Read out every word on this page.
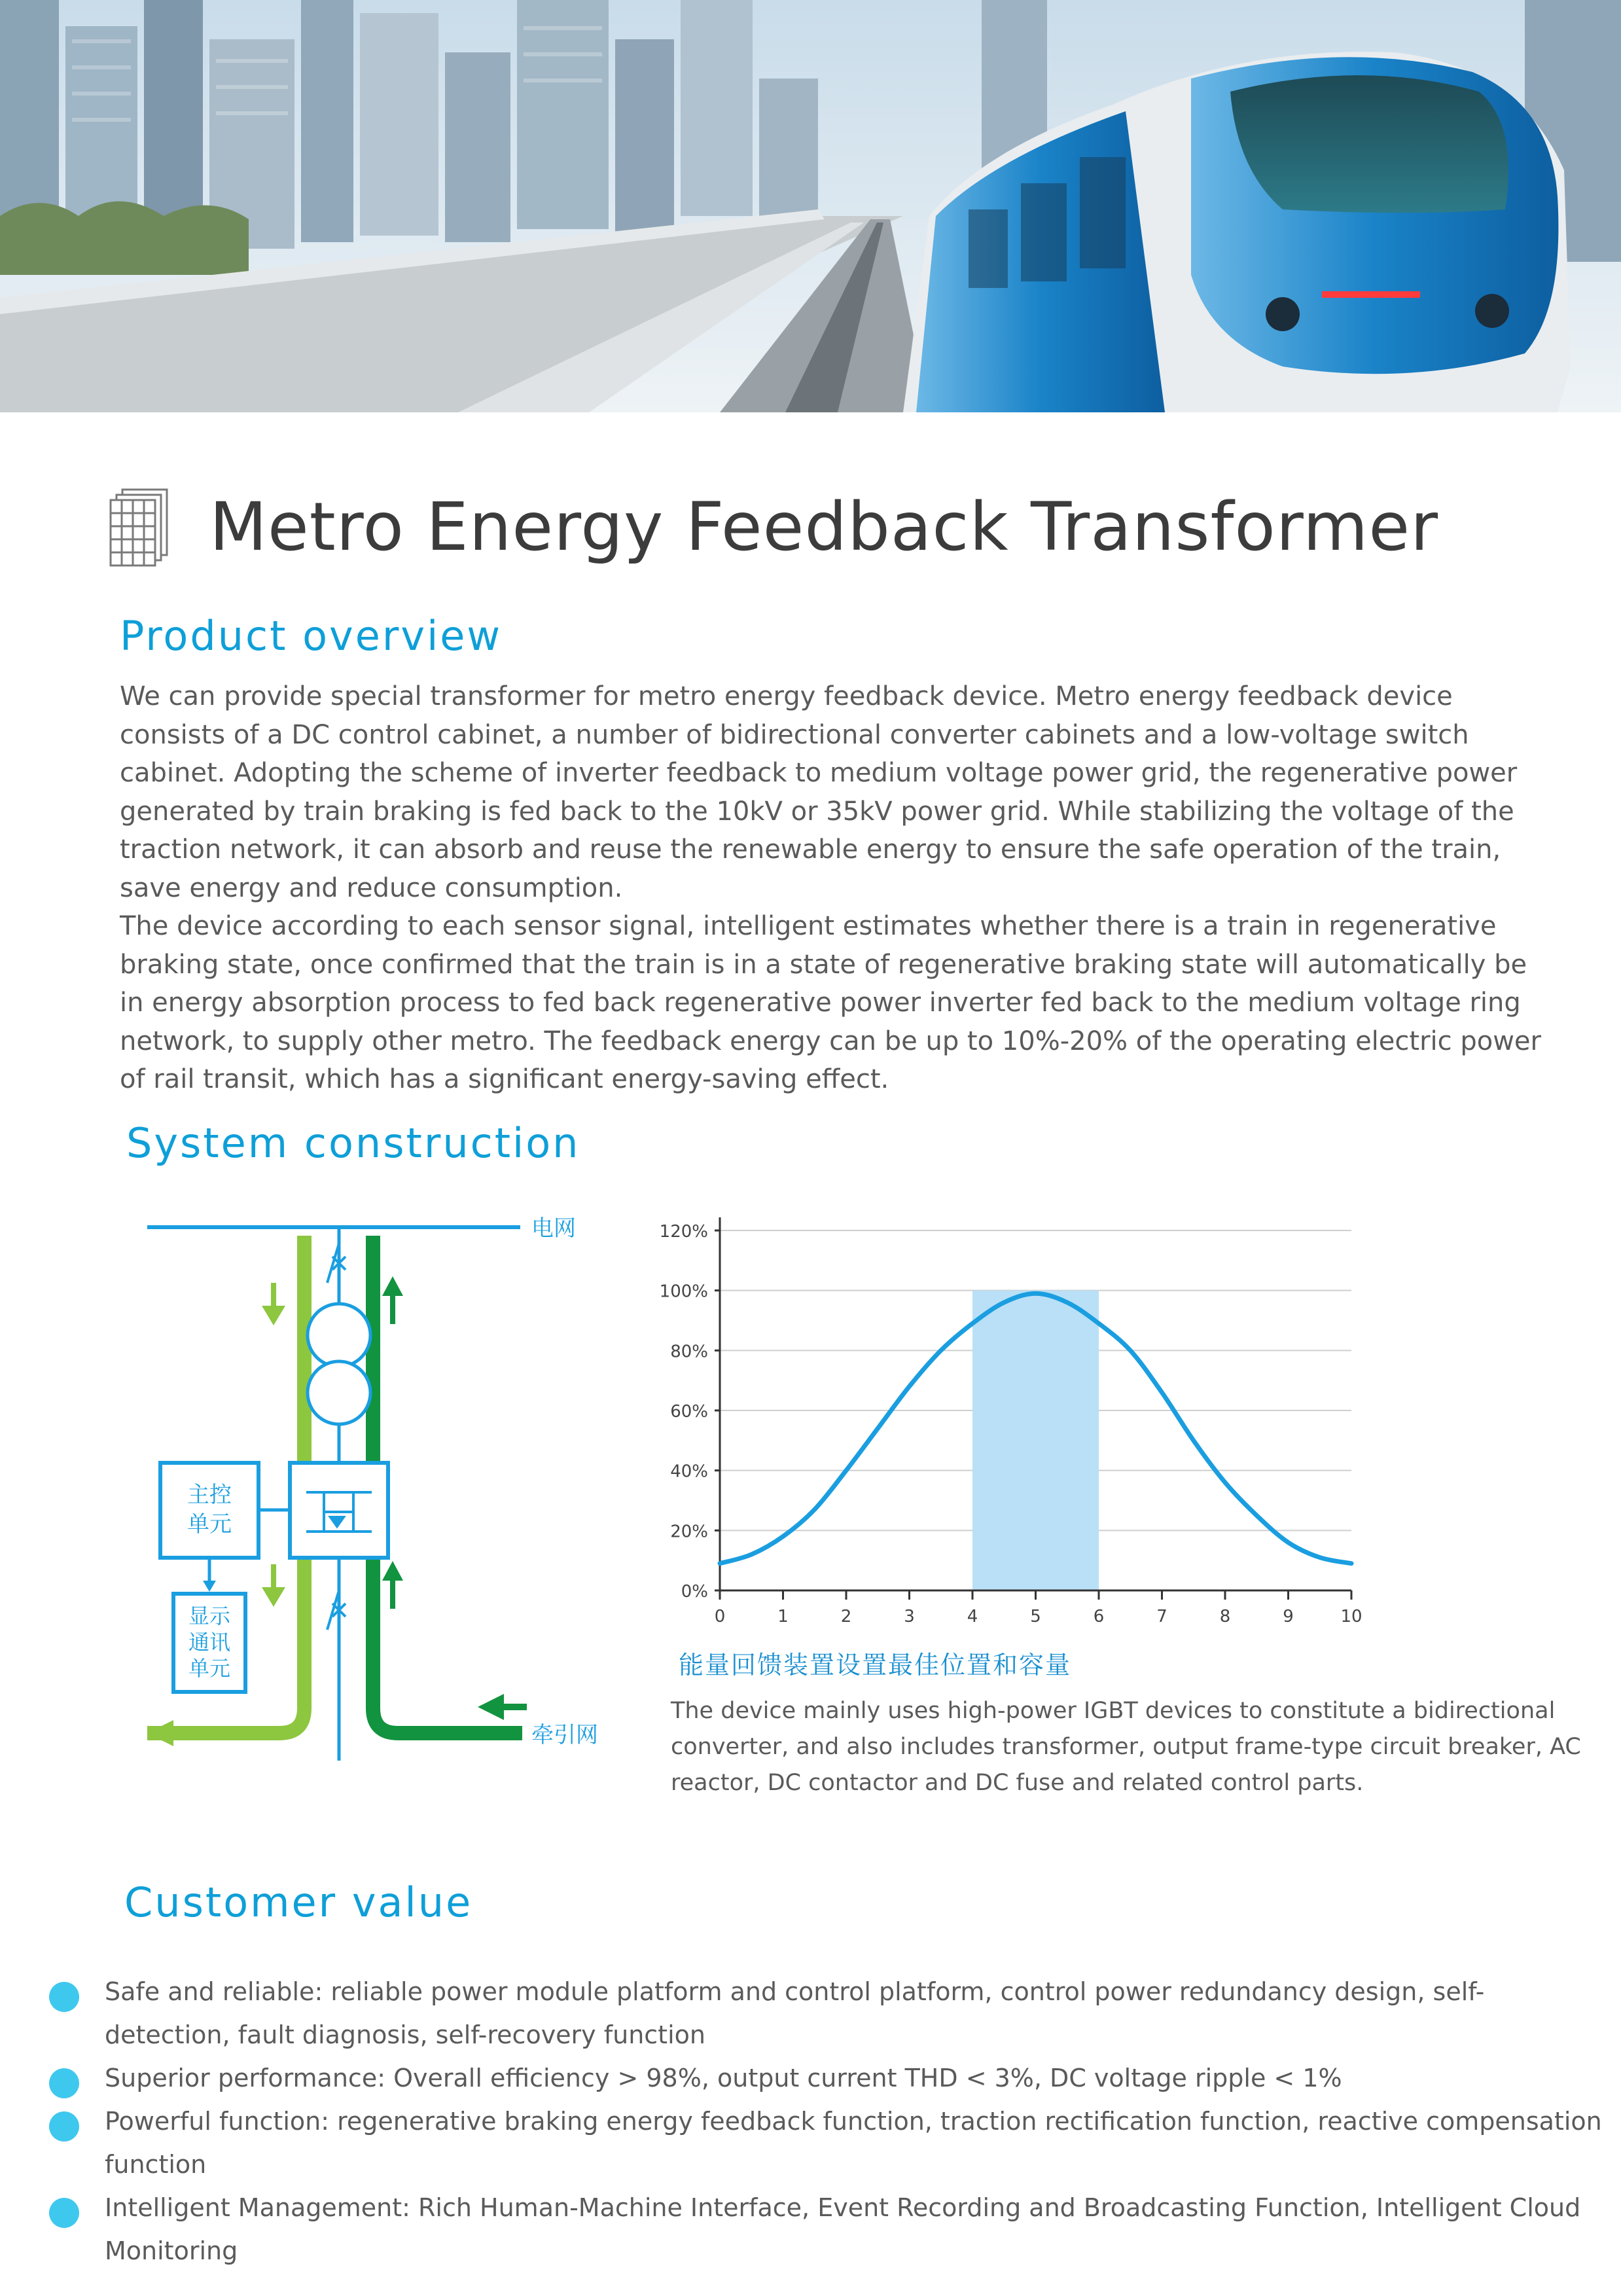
Metro Energy Feedback Transformer
Product overview

We can provide special transformer for metro energy feedback device. Metro energy feedback device consists of a DC control cabinet, a number of bidirectional converter cabinets and a low-voltage switch cabinet. Adopting the scheme of inverter feedback to medium voltage power grid, the regenerative power generated by train braking is fed back to the 10kV or 35kV power grid. While stabilizing the voltage of the traction network, it can absorb and reuse the renewable energy to ensure the safe operation of the train, save energy and reduce consumption.

The device according to each sensor signal, intelligent estimates whether there is a train in regenerative braking state, once confirmed that the train is in a state of regenerative braking state will automatically be in energy absorption process to fed back regenerative power inverter fed back to the medium voltage ring network, to supply other metro. The feedback energy can be up to 10%-20% of the operating electric power of rail transit, which has a significant energy-saving effect.

System construction
电网
主控
单元
显示
通讯
单元
牵引网
0%
20%
40%
60%
80%
100%
120%
0	1	2	3	4	5	6	7	8	9	10
能量回馈装置设置最佳位置和容量
The device mainly uses high-power IGBT devices to constitute a bidirectional converter, and also includes transformer, output frame-type circuit breaker, AC reactor, DC contactor and DC fuse and related control parts.
Customer value
Safe and reliable: reliable power module platform and control platform, control power redundancy design, self-detection, fault diagnosis, self-recovery function
Superior performance: Overall efficiency > 98%, output current THD < 3%, DC voltage ripple < 1%
Powerful function: regenerative braking energy feedback function, traction rectification function, reactive compensation function
Intelligent Management: Rich Human-Machine Interface, Event Recording and Broadcasting Function, Intelligent Cloud Monitoring
